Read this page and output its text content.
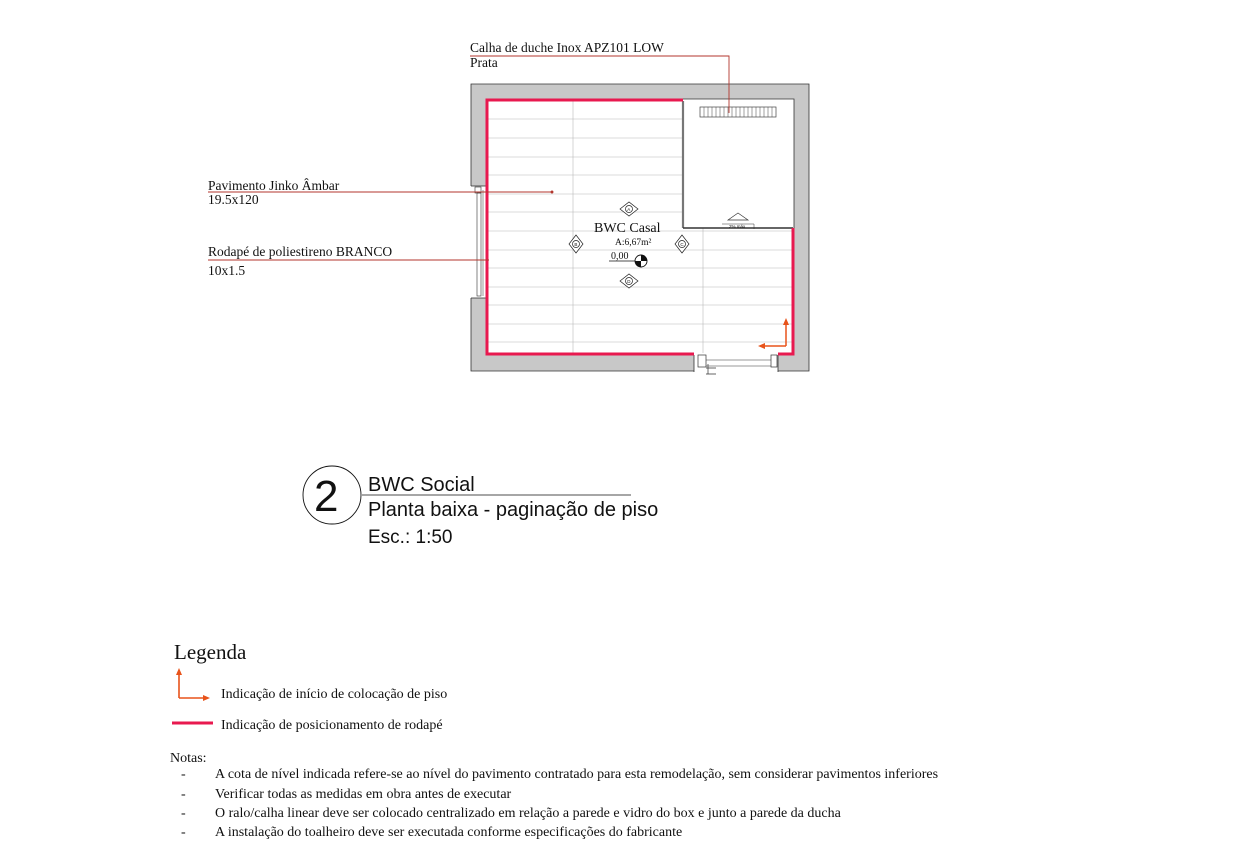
2% máx
BWC Casal
A:6,67m²
0,00
A
B	C
D
Calha de duche Inox APZ101 LOW
Prata
Pavimento Jinko Âmbar
19.5x120
Rodapé de poliestireno BRANCO
10x1.5
2 BWC Social
Planta baixa - paginação de piso
Esc.: 1:50
Legenda
Indicação de início de colocação de piso
Indicação de posicionamento de rodapé
Notas:
- A cota de nível indicada refere-se ao nível do pavimento contratado para esta remodelação, sem considerar pavimentos inferiores
- Verificar todas as medidas em obra antes de executar
- O ralo/calha linear deve ser colocado centralizado em relação a parede e vidro do box e junto a parede da ducha
- A instalação do toalheiro deve ser executada conforme especificações do fabricante
